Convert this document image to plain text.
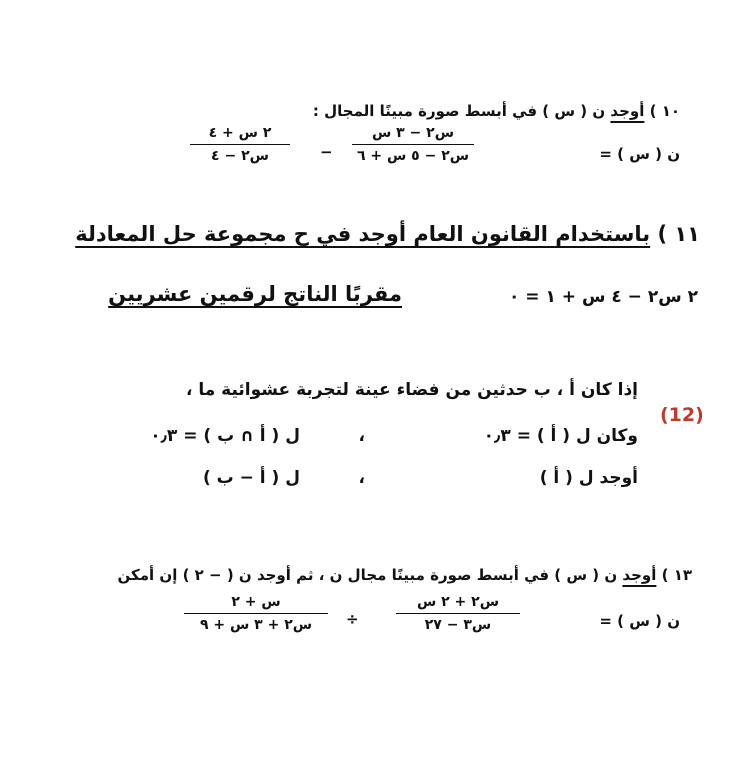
١٠ ) أوجد ن ( س ) في أبسط صورة مبينًا المجال :
ن ( س ) =
س٢ − ٣ س
س٢ − ٥ س + ٦
−
٢ س + ٤
س٢ − ٤
١١ ) باستخدام القانون العام أوجد في ح مجموعة حل المعادلة
٢ س٢ − ٤ س + ١ = ٠
مقربًا الناتج لرقمين عشريين
(12)
إذا كان أ ، ب حدثين من فضاء عينة لتجربة عشوائية ما ،
وكان ل ( أ ) = ٠٫٣
،
ل ( أ ∩ ب ) = ٠٫٣
أوجد ل ( أ )
،
ل ( أ − ب )
١٣ ) أوجد ن ( س ) في أبسط صورة مبينًا مجال ن ، ثم أوجد ن ( − ٢ ) إن أمكن
ن ( س ) =
س٢ + ٢ س
س٣ − ٢٧
÷
س + ٢
س٢ + ٣ س + ٩
